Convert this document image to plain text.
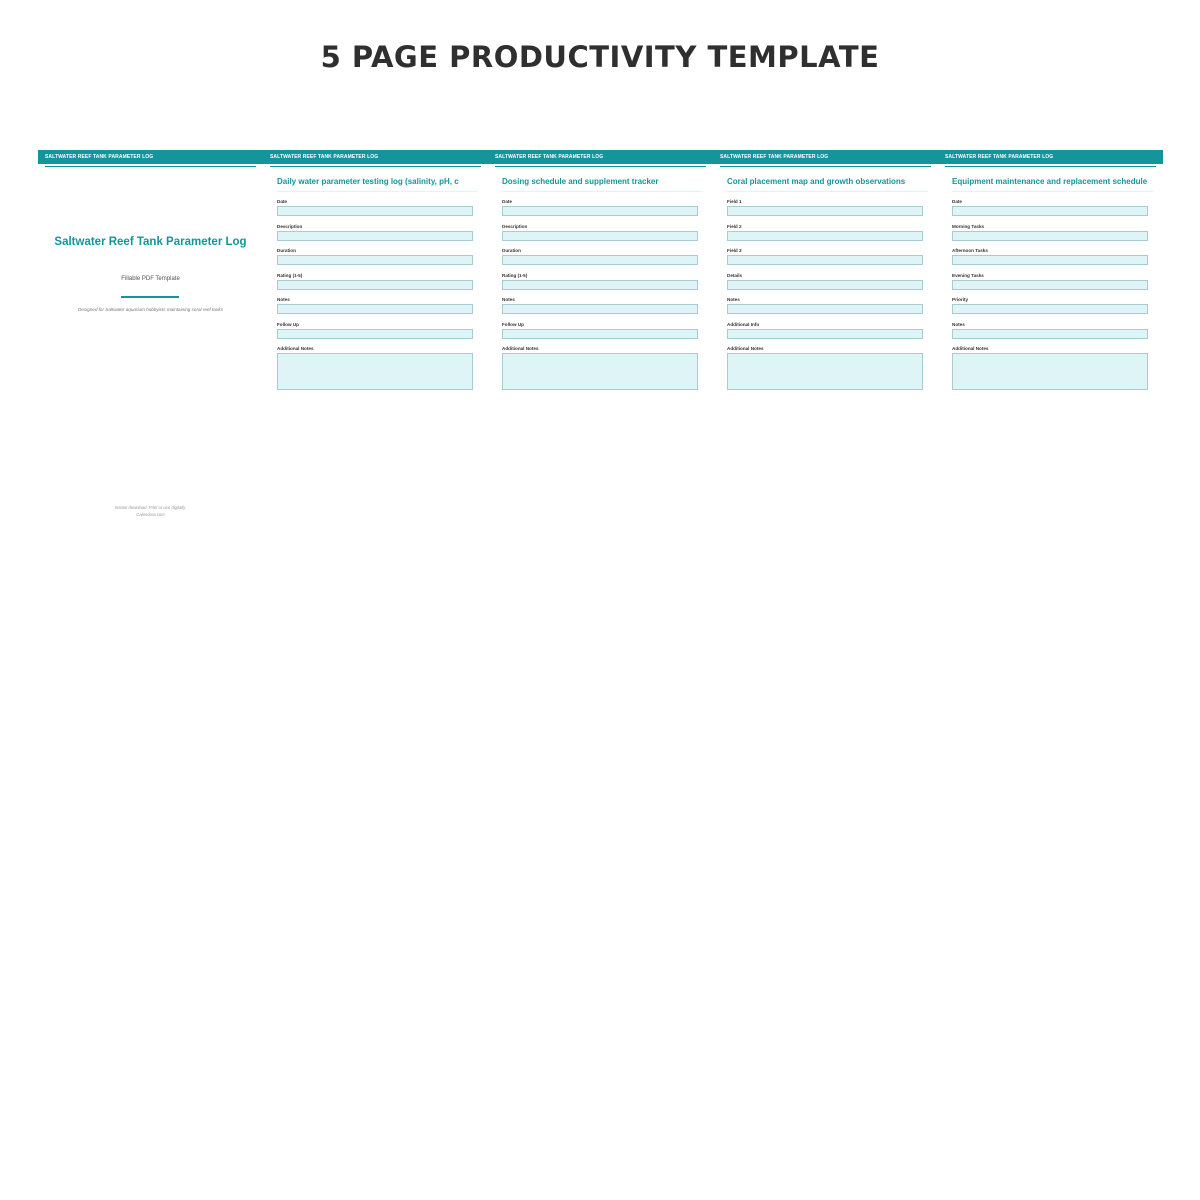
5 PAGE PRODUCTIVITY TEMPLATE
SALTWATER REEF TANK PARAMETER LOG
Saltwater Reef Tank Parameter Log
Fillable PDF Template
Designed for Saltwater aquarium hobbyists maintaining coral reef tanks
Instant download. Print or use digitally.
Calendora.com
SALTWATER REEF TANK PARAMETER LOG
Daily water parameter testing log (salinity, pH, c
Date
Description
Duration
Rating (1-5)
Notes
Follow Up
Additional Notes
SALTWATER REEF TANK PARAMETER LOG
Dosing schedule and supplement tracker
Date
Description
Duration
Rating (1-5)
Notes
Follow Up
Additional Notes
SALTWATER REEF TANK PARAMETER LOG
Coral placement map and growth observations
Field 1
Field 2
Field 3
Details
Notes
Additional Info
Additional Notes
SALTWATER REEF TANK PARAMETER LOG
Equipment maintenance and replacement schedule
Date
Morning Tasks
Afternoon Tasks
Evening Tasks
Priority
Notes
Additional Notes
